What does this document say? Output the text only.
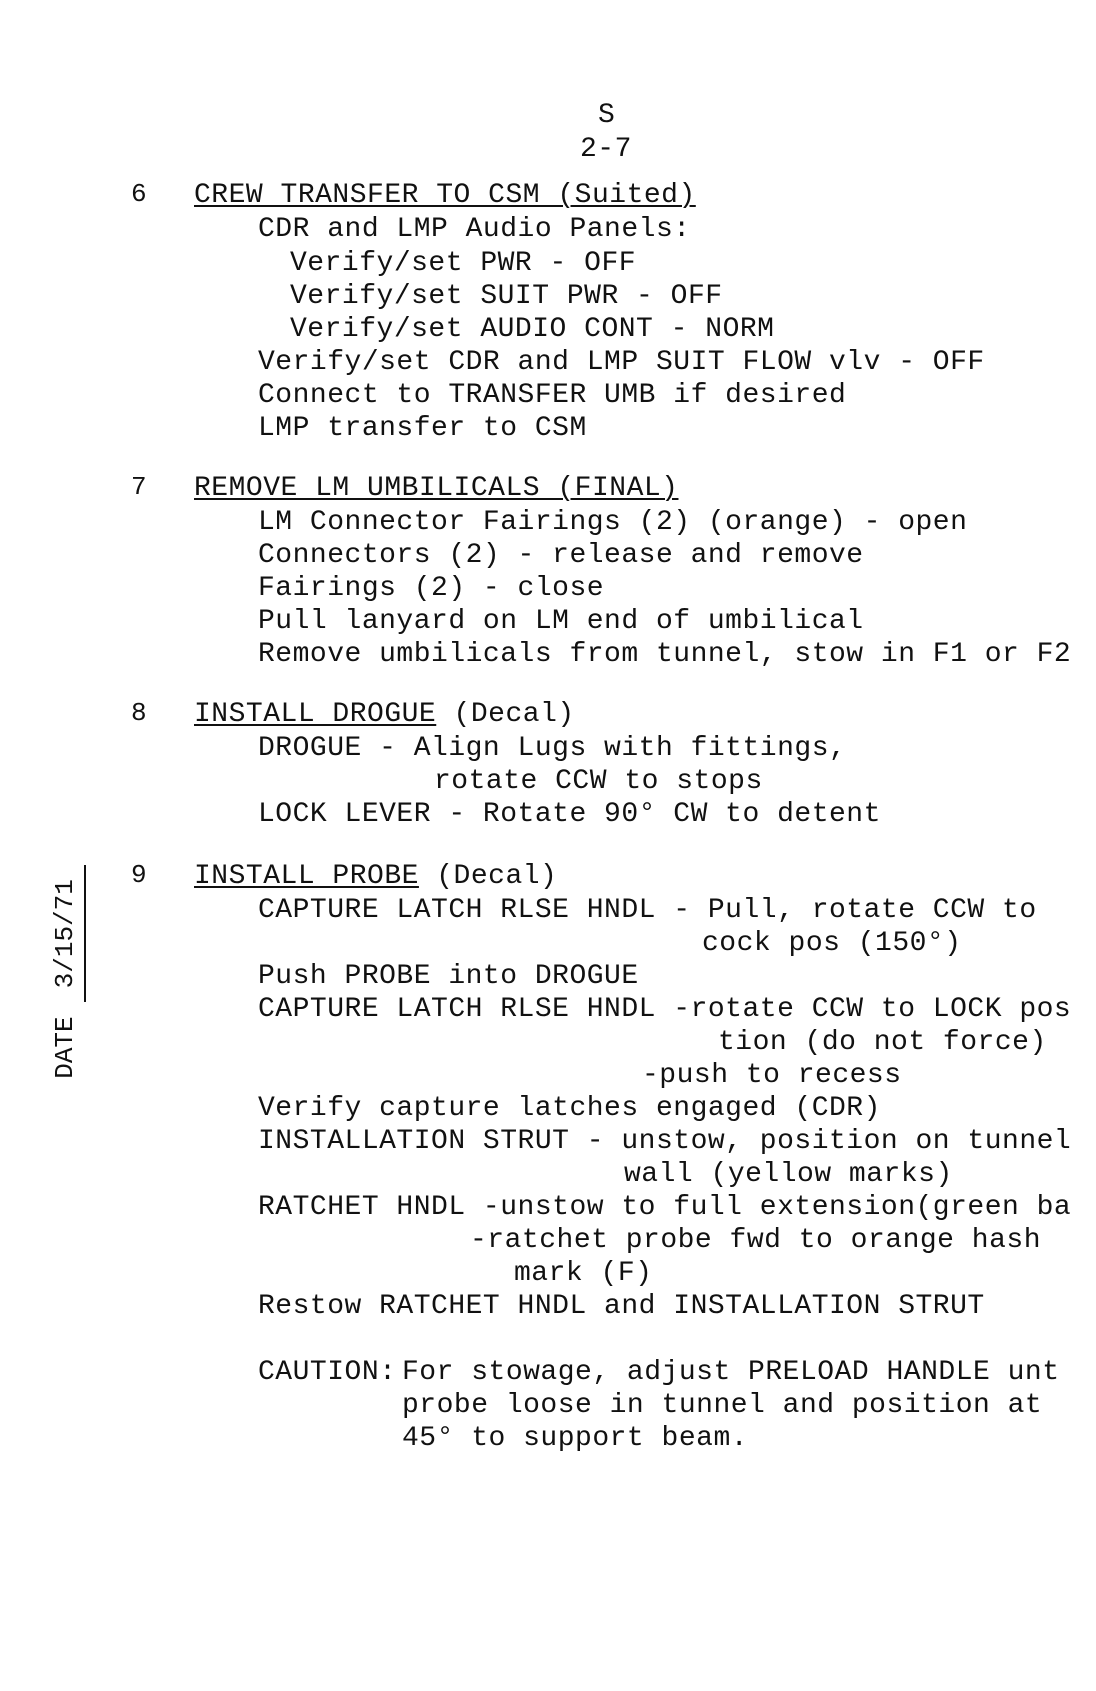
S
2-7

DATE3/15/71

6 CREW TRANSFER TO CSM (Suited)
CDR and LMP Audio Panels:
Verify/set PWR - OFF
Verify/set SUIT PWR - OFF
Verify/set AUDIO CONT - NORM
Verify/set CDR and LMP SUIT FLOW vlv - OFF
Connect to TRANSFER UMB if desired
LMP transfer to CSM
7 REMOVE LM UMBILICALS (FINAL)
LM Connector Fairings (2) (orange) - open
Connectors (2) - release and remove
Fairings (2) - close
Pull lanyard on LM end of umbilical
Remove umbilicals from tunnel, stow in F1 or F2
8 INSTALL DROGUE (Decal)
DROGUE - Align Lugs with fittings,
rotate CCW to stops
LOCK LEVER - Rotate 90° CW to detent
9 INSTALL PROBE (Decal)
CAPTURE LATCH RLSE HNDL - Pull, rotate CCW to
cock pos (150°)
Push PROBE into DROGUE
CAPTURE LATCH RLSE HNDL -rotate CCW to LOCK pos
tion (do not force)
-push to recess
Verify capture latches engaged (CDR)
INSTALLATION STRUT - unstow, position on tunnel
wall (yellow marks)
RATCHET HNDL -unstow to full extension(green ba
-ratchet probe fwd to orange hash
mark (F)
Restow RATCHET HNDL and INSTALLATION STRUT
CAUTION: For stowage, adjust PRELOAD HANDLE unt
probe loose in tunnel and position at
45° to support beam.
